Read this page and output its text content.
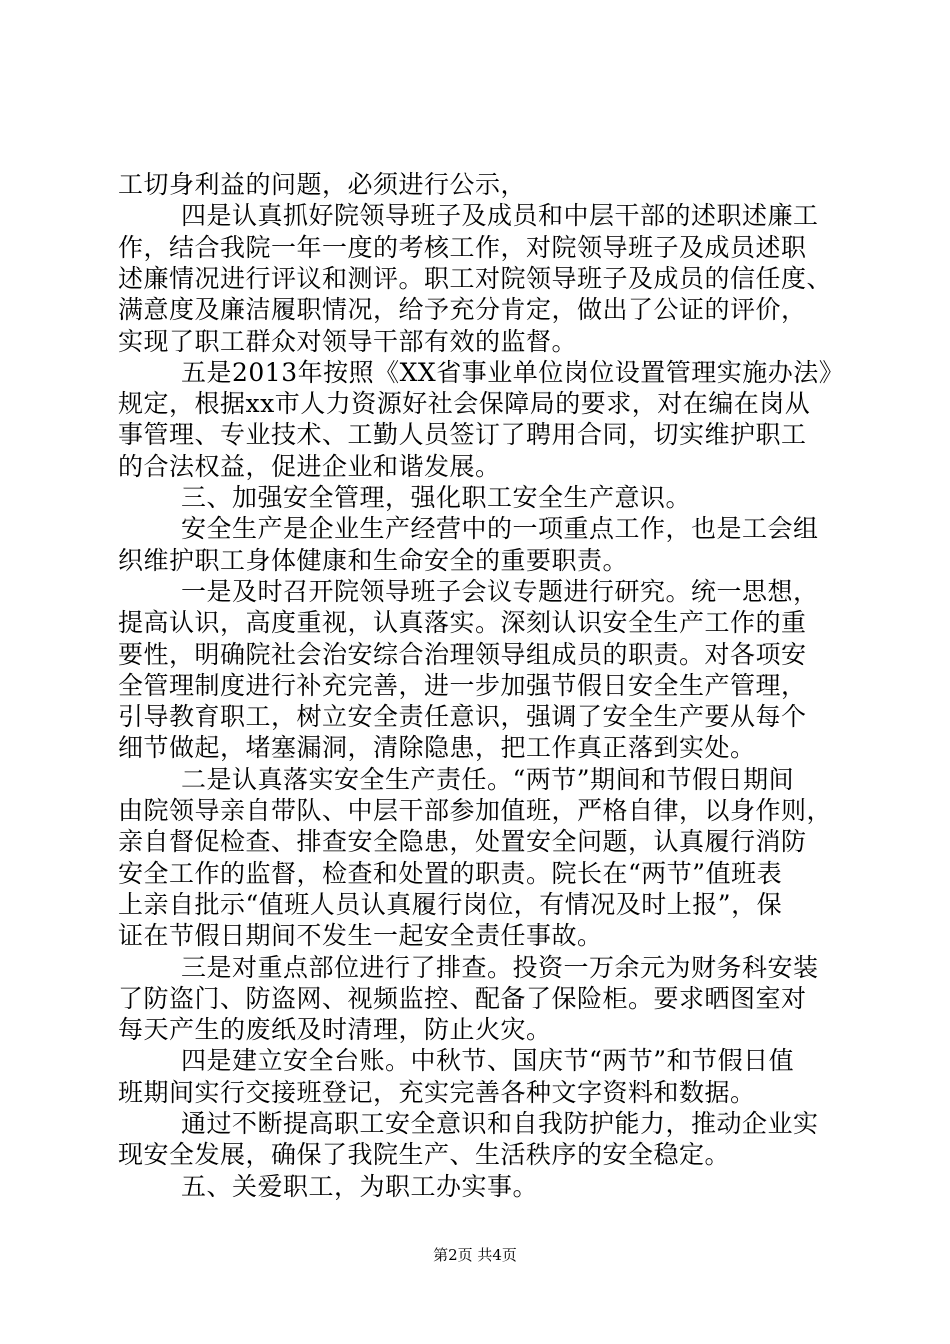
工切身利益的问题，必须进行公示，
四是认真抓好院领导班子及成员和中层干部的述职述廉工
作，结合我院一年一度的考核工作，对院领导班子及成员述职
述廉情况进行评议和测评。职工对院领导班子及成员的信任度、
满意度及廉洁履职情况，给予充分肯定，做出了公证的评价，
实现了职工群众对领导干部有效的监督。
五是2013年按照《XX省事业单位岗位设置管理实施办法》
规定，根据xx市人力资源好社会保障局的要求，对在编在岗从
事管理、专业技术、工勤人员签订了聘用合同，切实维护职工
的合法权益，促进企业和谐发展。
三、加强安全管理，强化职工安全生产意识。
安全生产是企业生产经营中的一项重点工作，也是工会组
织维护职工身体健康和生命安全的重要职责。
一是及时召开院领导班子会议专题进行研究。统一思想，
提高认识，高度重视，认真落实。深刻认识安全生产工作的重
要性，明确院社会治安综合治理领导组成员的职责。对各项安
全管理制度进行补充完善，进一步加强节假日安全生产管理，
引导教育职工，树立安全责任意识，强调了安全生产要从每个
细节做起，堵塞漏洞，清除隐患，把工作真正落到实处。
二是认真落实安全生产责任。“两节”期间和节假日期间
由院领导亲自带队、中层干部参加值班，严格自律，以身作则，
亲自督促检查、排查安全隐患，处置安全问题，认真履行消防
安全工作的监督，检查和处置的职责。院长在“两节”值班表
上亲自批示“值班人员认真履行岗位，有情况及时上报”，保
证在节假日期间不发生一起安全责任事故。
三是对重点部位进行了排查。投资一万余元为财务科安装
了防盗门、防盗网、视频监控、配备了保险柜。要求晒图室对
每天产生的废纸及时清理，防止火灾。
四是建立安全台账。中秋节、国庆节“两节”和节假日值
班期间实行交接班登记，充实完善各种文字资料和数据。
通过不断提高职工安全意识和自我防护能力，推动企业实
现安全发展，确保了我院生产、生活秩序的安全稳定。
五、关爱职工，为职工办实事。
第2页 共4页
